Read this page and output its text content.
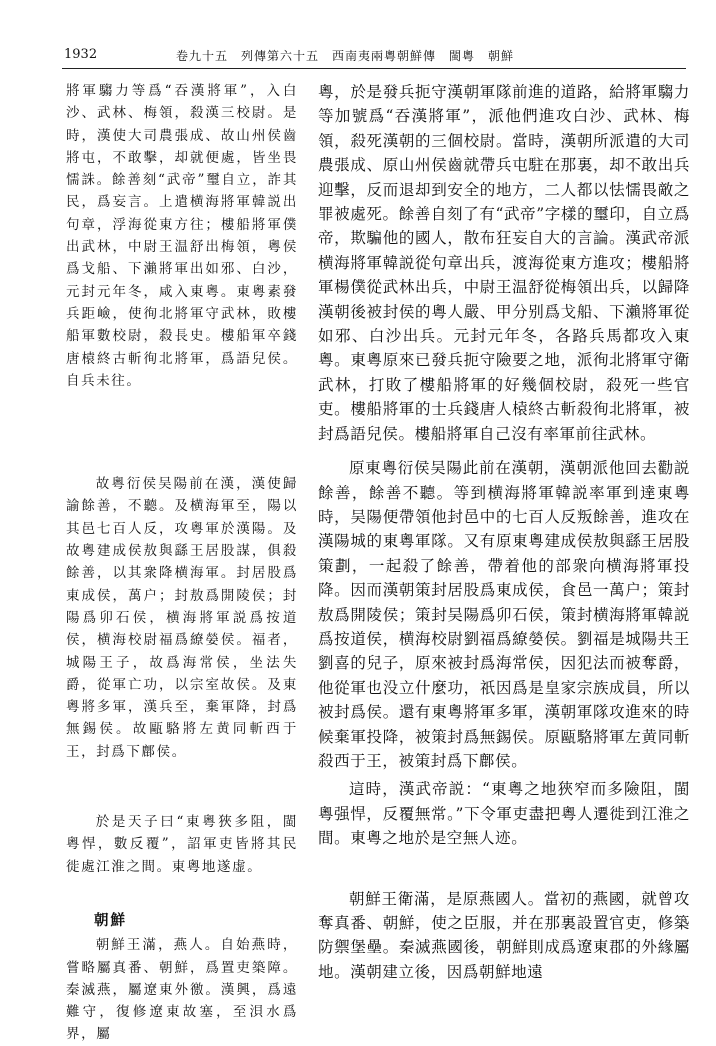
1932	卷九十五　列傳第六十五　西南夷兩粵朝鮮傳　閩粵　朝鮮

將軍騶力等爲“吞漢將軍”，入白沙、武林、梅領，殺漢三校尉。是時，漢使大司農張成、故山州侯齒將屯，不敢擊，却就便處，皆坐畏懦誅。餘善刻“武帝”璽自立，詐其民，爲妄言。上遣横海將軍韓説出句章，浮海從東方往；樓船將軍僕出武林，中尉王温舒出梅領，粵侯爲戈船、下瀨將軍出如邪、白沙，元封元年冬，咸入東粵。東粵素發兵距嶮，使徇北將軍守武林，敗樓船軍數校尉，殺長史。樓船軍卒錢唐榬終古斬徇北將軍，爲語兒侯。自兵未往。

故粵衍侯吴陽前在漢，漢使歸諭餘善，不聽。及横海軍至，陽以其邑七百人反，攻粵軍於漢陽。及故粵建成侯敖與繇王居股謀，俱殺餘善，以其衆降横海軍。封居股爲東成侯，萬户；封敖爲開陵侯；封陽爲卯石侯，横海將軍説爲按道侯，横海校尉福爲繚嫈侯。福者，城陽王子，故爲海常侯，坐法失爵，從軍亡功，以宗室故侯。及東粵將多軍，漢兵至，棄軍降，封爲無錫侯。故甌駱將左黄同斬西于王，封爲下鄜侯。

於是天子曰“東粵狹多阻，閩粵悍，數反覆”，詔軍吏皆將其民徙處江淮之間。東粵地遂虚。

朝鮮

朝鮮王滿，燕人。自始燕時，嘗略屬真番、朝鮮，爲置吏築障。秦滅燕，屬遼東外徼。漢興，爲遠難守，復修遼東故塞，至浿水爲界，屬

粵，於是發兵扼守漢朝軍隊前進的道路，給將軍騶力等加號爲“吞漢將軍”，派他們進攻白沙、武林、梅領，殺死漢朝的三個校尉。當時，漢朝所派遣的大司農張成、原山州侯齒就帶兵屯駐在那裏，却不敢出兵迎擊，反而退却到安全的地方，二人都以怯懦畏敵之罪被處死。餘善自刻了有“武帝”字樣的璽印，自立爲帝，欺騙他的國人，散布狂妄自大的言論。漢武帝派横海將軍韓説從句章出兵，渡海從東方進攻；樓船將軍楊僕從武林出兵，中尉王温舒從梅領出兵，以歸降漢朝後被封侯的粵人嚴、甲分别爲戈船、下瀨將軍從如邪、白沙出兵。元封元年冬，各路兵馬都攻入東粵。東粵原來已發兵扼守險要之地，派徇北將軍守衛武林，打敗了樓船將軍的好幾個校尉，殺死一些官吏。樓船將軍的士兵錢唐人榬終古斬殺徇北將軍，被封爲語兒侯。樓船將軍自己沒有率軍前往武林。

原東粵衍侯吴陽此前在漢朝，漢朝派他回去勸説餘善，餘善不聽。等到横海將軍韓説率軍到達東粵時，吴陽便帶領他封邑中的七百人反叛餘善，進攻在漢陽城的東粵軍隊。又有原東粵建成侯敖與繇王居股策劃，一起殺了餘善，帶着他的部衆向横海將軍投降。因而漢朝策封居股爲東成侯，食邑一萬户；策封敖爲開陵侯；策封吴陽爲卯石侯，策封横海將軍韓説爲按道侯，横海校尉劉福爲繚嫈侯。劉福是城陽共王劉喜的兒子，原來被封爲海常侯，因犯法而被奪爵，他從軍也没立什麼功，祇因爲是皇家宗族成員，所以被封爲侯。還有東粵將軍多軍，漢朝軍隊攻進來的時候棄軍投降，被策封爲無錫侯。原甌駱將軍左黄同斬殺西于王，被策封爲下鄜侯。

這時，漢武帝説：“東粵之地狹窄而多險阻，閩粵强悍，反覆無常。”下令軍吏盡把粵人遷徙到江淮之間。東粵之地於是空無人迹。

朝鮮王衛滿，是原燕國人。當初的燕國，就曾攻奪真番、朝鮮，使之臣服，并在那裏設置官吏，修築防禦堡壘。秦滅燕國後，朝鮮則成爲遼東郡的外緣屬地。漢朝建立後，因爲朝鮮地遠
